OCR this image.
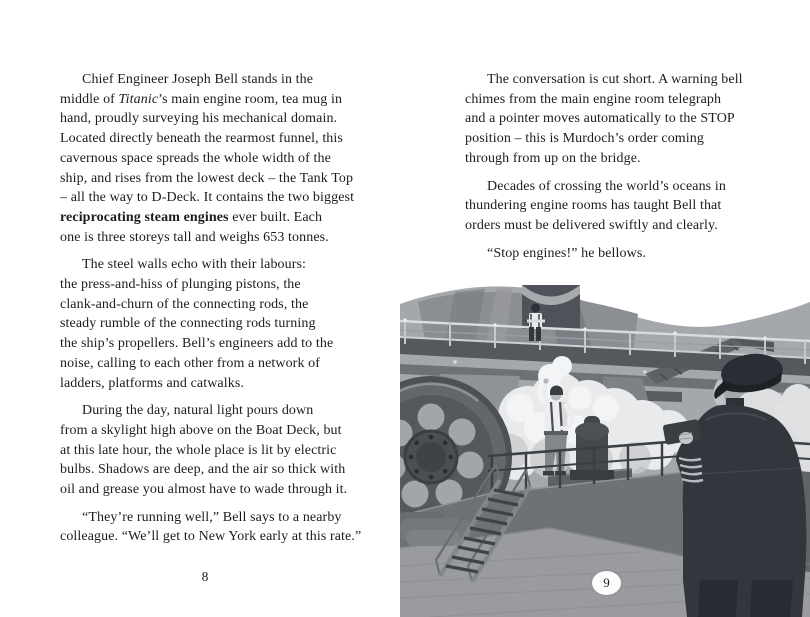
Chief Engineer Joseph Bell stands in the
middle of Titanic’s main engine room, tea mug in
hand, proudly surveying his mechanical domain.
Located directly beneath the rearmost funnel, this
cavernous space spreads the whole width of the
ship, and rises from the lowest deck – the Tank Top
– all the way to D-Deck. It contains the two biggest
reciprocating steam engines ever built. Each
one is three storeys tall and weighs 653 tonnes.
The steel walls echo with their labours:
the press-and-hiss of plunging pistons, the
clank-and-churn of the connecting rods, the
steady rumble of the connecting rods turning
the ship’s propellers. Bell’s engineers add to the
noise, calling to each other from a network of
ladders, platforms and catwalks.
During the day, natural light pours down
from a skylight high above on the Boat Deck, but
at this late hour, the whole place is lit by electric
bulbs. Shadows are deep, and the air so thick with
oil and grease you almost have to wade through it.
“They’re running well,” Bell says to a nearby
colleague. “We’ll get to New York early at this rate.”
8
The conversation is cut short. A warning bell
chimes from the main engine room telegraph
and a pointer moves automatically to the STOP
position – this is Murdoch’s order coming
through from up on the bridge.
Decades of crossing the world’s oceans in
thundering engine rooms has taught Bell that
orders must be delivered swiftly and clearly.
“Stop engines!” he bellows.
9
